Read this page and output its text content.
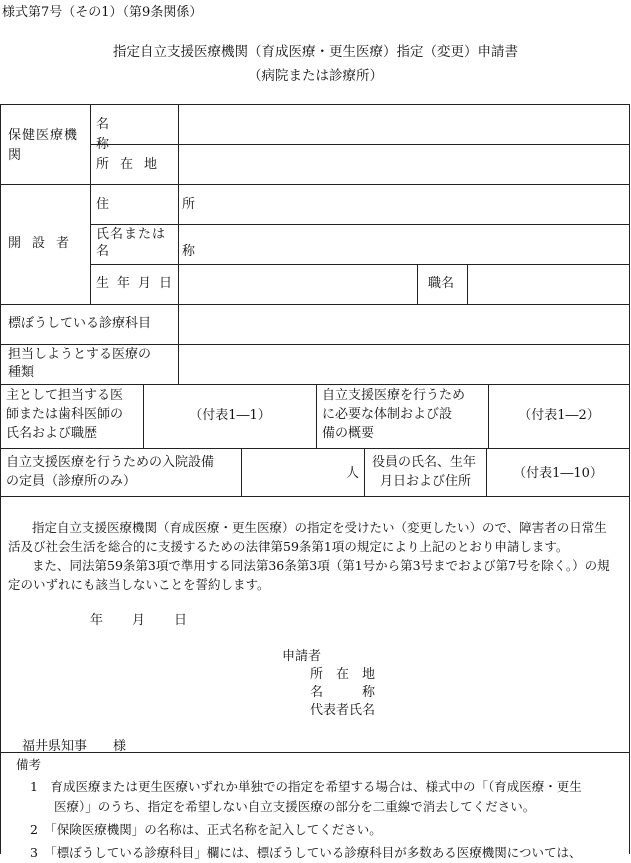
様式第7号（その1）（第9条関係）
指定自立支援医療機関（育成医療・更生医療）指定（変更）申請書
（病院または診療所）
保健医療機関
名　称
所在地
開設者
住　所
氏名または
名　称
生年月日	職名
標ぼうしている診療科目
担当しようとする医療の
種類
主として担当する医
師または歯科医師の
氏名および職歴
（付表1―1）
自立支援医療を行うため
に必要な体制および設
備の概要
（付表1―2）
自立支援医療を行うための入院設備
の定員（診療所のみ）
人
役員の氏名、生年
月日および住所
（付表1―10）
指定自立支援医療機関（育成医療・更生医療）の指定を受けたい（変更したい）ので、障害者の日常生
活及び社会生活を総合的に支援するための法律第59条第1項の規定により上記のとおり申請します。
また、同法第59条第3項で準用する同法第36条第3項（第1号から第3号までおよび第7号を除く。）の規
定のいずれにも該当しないことを誓約します。
年　　月　　日
申請者
所　在　地
名　　　称
代表者氏名
福井県知事　　様
備考
1　育成医療または更生医療いずれか単独での指定を希望する場合は、様式中の「（育成医療・更生
医療）」のうち、指定を希望しない自立支援医療の部分を二重線で消去してください。
2　「保険医療機関」の名称は、正式名称を記入してください。
3　「標ぼうしている診療科目」欄には、標ぼうしている診療科目が多数ある医療機関については、
